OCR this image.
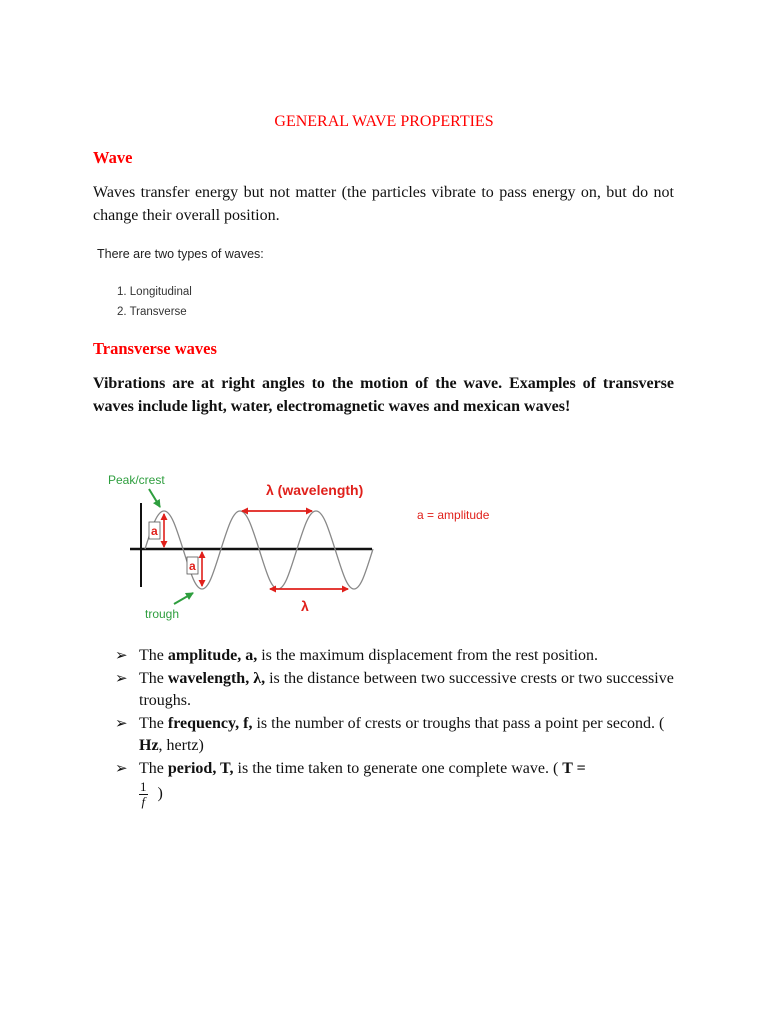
GENERAL WAVE PROPERTIES
Wave
Waves transfer energy but not matter (the particles vibrate to pass energy on, but do not change their overall position.
There are two types of waves:
1. Longitudinal
2. Transverse
Transverse waves
Vibrations are at right angles to the motion of the wave. Examples of transverse waves include light, water, electromagnetic waves and mexican waves!
Peak/crest
λ (wavelength)
a = amplitude
a
a
trough	λ
➢ The amplitude, a, is the maximum displacement from the rest position.
➢ The wavelength, λ, is the distance between two successive crests or two successive troughs.
➢ The frequency, f, is the number of crests or troughs that pass a point per second. ( Hz, hertz)
➢ The period, T, is the time taken to generate one complete wave. ( T =

$\frac{1}{f}$ )
